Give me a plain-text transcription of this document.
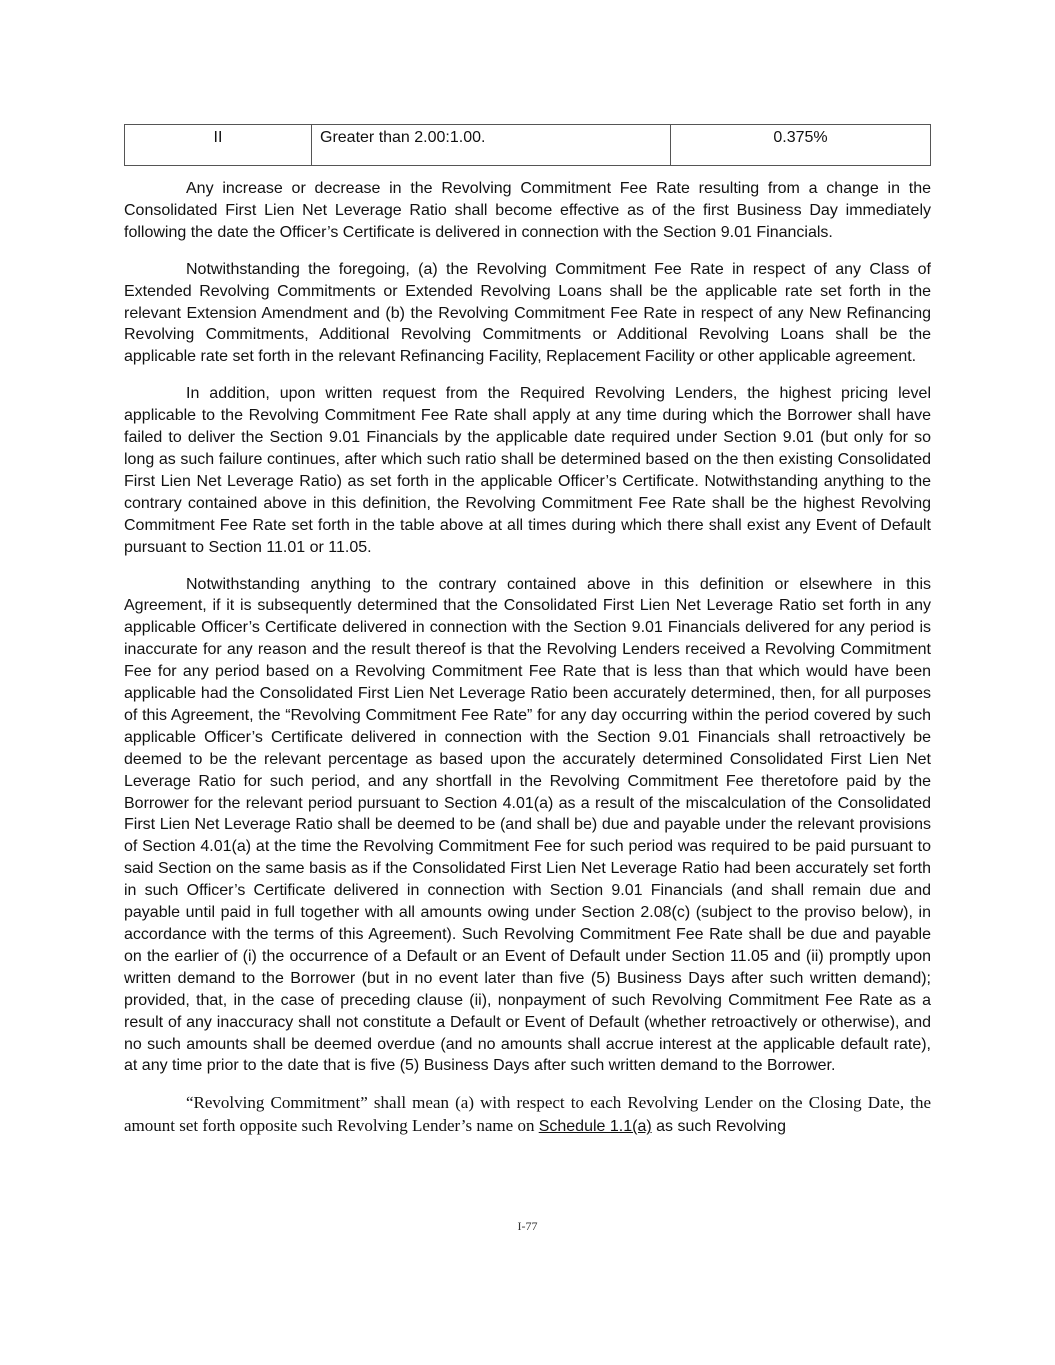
II	Greater than 2.00:1.00.	0.375%

Any increase or decrease in the Revolving Commitment Fee Rate resulting from a change in the Consolidated First Lien Net Leverage Ratio shall become effective as of the first Business Day immediately following the date the Officer’s Certificate is delivered in connection with the Section 9.01 Financials.

Notwithstanding the foregoing, (a) the Revolving Commitment Fee Rate in respect of any Class of Extended Revolving Commitments or Extended Revolving Loans shall be the applicable rate set forth in the relevant Extension Amendment and (b) the Revolving Commitment Fee Rate in respect of any New Refinancing Revolving Commitments, Additional Revolving Commitments or Additional Revolving Loans shall be the applicable rate set forth in the relevant Refinancing Facility, Replacement Facility or other applicable agreement.

In addition, upon written request from the Required Revolving Lenders, the highest pricing level applicable to the Revolving Commitment Fee Rate shall apply at any time during which the Borrower shall have failed to deliver the Section 9.01 Financials by the applicable date required under Section 9.01 (but only for so long as such failure continues, after which such ratio shall be determined based on the then existing Consolidated First Lien Net Leverage Ratio) as set forth in the applicable Officer’s Certificate. Notwithstanding anything to the contrary contained above in this definition, the Revolving Commitment Fee Rate shall be the highest Revolving Commitment Fee Rate set forth in the table above at all times during which there shall exist any Event of Default pursuant to Section 11.01 or 11.05.

Notwithstanding anything to the contrary contained above in this definition or elsewhere in this Agreement, if it is subsequently determined that the Consolidated First Lien Net Leverage Ratio set forth in any applicable Officer’s Certificate delivered in connection with the Section 9.01 Financials delivered for any period is inaccurate for any reason and the result thereof is that the Revolving Lenders received a Revolving Commitment Fee for any period based on a Revolving Commitment Fee Rate that is less than that which would have been applicable had the Consolidated First Lien Net Leverage Ratio been accurately determined, then, for all purposes of this Agreement, the “Revolving Commitment Fee Rate” for any day occurring within the period covered by such applicable Officer’s Certificate delivered in connection with the Section 9.01 Financials shall retroactively be deemed to be the relevant percentage as based upon the accurately determined Consolidated First Lien Net Leverage Ratio for such period, and any shortfall in the Revolving Commitment Fee theretofore paid by the Borrower for the relevant period pursuant to Section 4.01(a) as a result of the miscalculation of the Consolidated First Lien Net Leverage Ratio shall be deemed to be (and shall be) due and payable under the relevant provisions of Section 4.01(a) at the time the Revolving Commitment Fee for such period was required to be paid pursuant to said Section on the same basis as if the Consolidated First Lien Net Leverage Ratio had been accurately set forth in such Officer’s Certificate delivered in connection with Section 9.01 Financials (and shall remain due and payable until paid in full together with all amounts owing under Section 2.08(c) (subject to the proviso below), in accordance with the terms of this Agreement). Such Revolving Commitment Fee Rate shall be due and payable on the earlier of (i) the occurrence of a Default or an Event of Default under Section 11.05 and (ii) promptly upon written demand to the Borrower (but in no event later than five (5) Business Days after such written demand); provided, that, in the case of preceding clause (ii), nonpayment of such Revolving Commitment Fee Rate as a result of any inaccuracy shall not constitute a Default or Event of Default (whether retroactively or otherwise), and no such amounts shall be deemed overdue (and no amounts shall accrue interest at the applicable default rate), at any time prior to the date that is five (5) Business Days after such written demand to the Borrower.

“Revolving Commitment” shall mean (a) with respect to each Revolving Lender on the Closing Date, the amount set forth opposite such Revolving Lender’s name on Schedule 1.1(a) as such Revolving

I-77
